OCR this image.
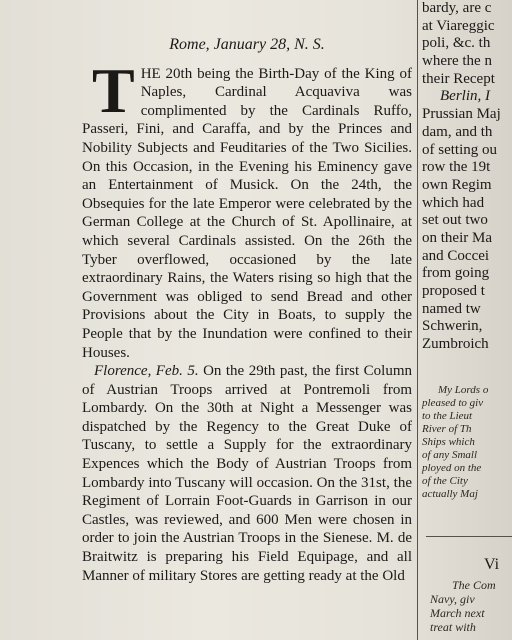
Rome, January 28, N. S.

THE 20th being the Birth-Day of the King of Naples, Cardinal Acquaviva was complimented by the Cardinals Ruffo, Passeri, Fini, and Caraffa, and by the Princes and Nobility Subjects and Feuditaries of the Two Sicilies. On this Occasion, in the Evening his Eminency gave an Entertainment of Musick. On the 24th, the Obsequies for the late Emperor were celebrated by the German College at the Church of St. Apollinaire, at which several Cardinals assisted. On the 26th the Tyber overflowed, occasioned by the late extraordinary Rains, the Waters rising so high that the Government was obliged to send Bread and other Provisions about the City in Boats, to supply the People that by the Inundation were confined to their Houses.

Florence, Feb. 5. On the 29th past, the first Column of Austrian Troops arrived at Pontremoli from Lombardy. On the 30th at Night a Messenger was dispatched by the Regency to the Great Duke of Tuscany, to settle a Supply for the extraordinary Expences which the Body of Austrian Troops from Lombardy into Tuscany will occasion. On the 31st, the Regiment of Lorrain Foot-Guards in Garrison in our Castles, was reviewed, and 600 Men were chosen in order to join the Austrian Troops in the Sienese. M. de Braitwitz is preparing his Field Equipage, and all Manner of military Stores are getting ready at the Old

bardy, are c
at Viareggic
poli, &c. th
where the n
their Recept
Berlin, I
Prussian Maj
dam, and th
of setting ou
row the 19t
own Regim
which had
set out two
on their Ma
and Coccei
from going
proposed t
named tw
Schwerin,
Zumbroich
My Lords o
pleased to giv
to the Lieut
River of Th
Ships which
of any Small
ployed on the
of the City
actually Maj
Vi
The Com
Navy, giv
March next
treat with
